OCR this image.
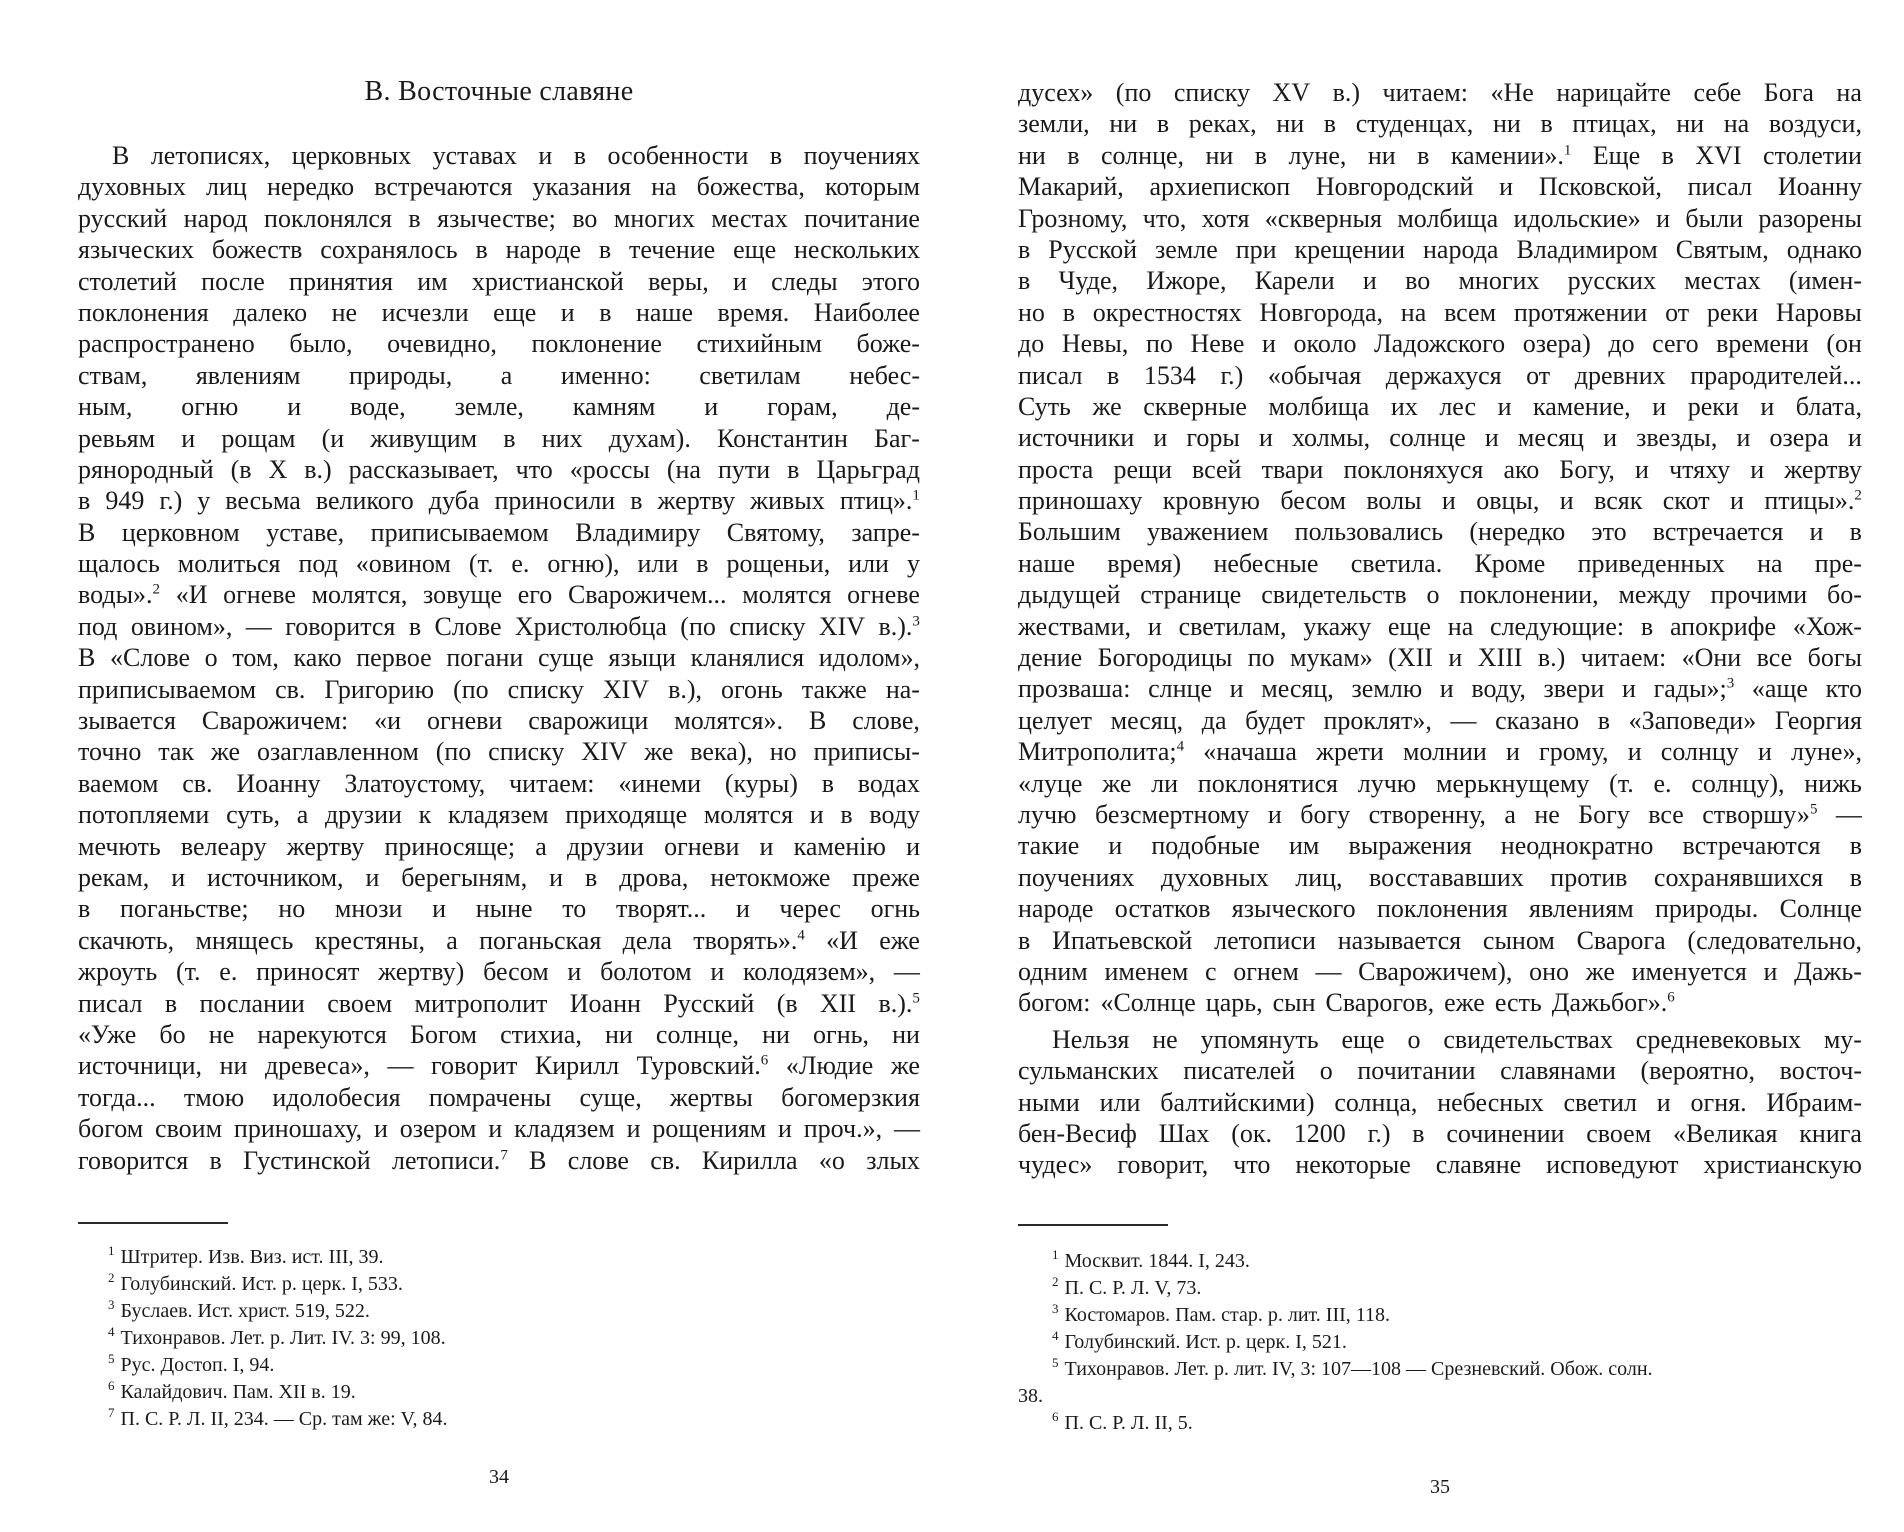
В. Восточные славяне
В летописях, церковных уставах и в особенности в поучениях
духовных лиц нередко встречаются указания на божества, которым
русский народ поклонялся в язычестве; во многих местах почитание
языческих божеств сохранялось в народе в течение еще нескольких
столетий после принятия им христианской веры, и следы этого
поклонения далеко не исчезли еще и в наше время. Наиболее
распространено было, очевидно, поклонение стихийным боже-
ствам, явлениям природы, а именно: светилам небес-
ным, огню и воде, земле, камням и горам, де-
ревьям и рощам (и живущим в них духам). Константин Баг-
рянородный (в X в.) рассказывает, что «россы (на пути в Царьград
в 949 г.) у весьма великого дуба приносили в жертву живых птиц».$^1$
В церковном уставе, приписываемом Владимиру Святому, запре-
щалось молиться под «овином (т. е. огню), или в рощеньи, или у
воды».$^2$ «И огневе молятся, зовуще его Сварожичем... молятся огневе
под овином», — говорится в Слове Христолюбца (по списку XIV в.).$^3$
В «Слове о том, како первое погани суще языци кланялися идолом»,
приписываемом св. Григорию (по списку XIV в.), огонь также на-
зывается Сварожичем: «и огневи сварожици молятся». В слове,
точно так же озаглавленном (по списку XIV же века), но приписы-
ваемом св. Иоанну Златоустому, читаем: «инеми (куры) в водах
потопляеми суть, а друзии к кладязем приходяще молятся и в воду
мечють велеару жертву приносяще; а друзии огневи и каменiю и
рекам, и источником, и берегыням, и в дрова, нетокможе преже
в поганьстве; но мнози и ныне то творят... и черес огнь
скачють, мнящесь крестяны, а поганьская дела творять».$^4$ «И еже
жроуть (т. е. приносят жертву) бесом и болотом и колодязем», —
писал в послании своем митрополит Иоанн Русский (в XII в.).$^5$
«Уже бо не нарекуются Богом стихиа, ни солнце, ни огнь, ни
источници, ни древеса», — говорит Кирилл Туровский.$^6$ «Людие же
тогда... тмою идолобесия помрачены суще, жертвы богомерзкия
богом своим приношаху, и озером и кладязем и рощениям и проч.», —
говорится в Густинской летописи.$^7$ В слове св. Кирилла «о злых
$^1$ Штритер. Изв. Виз. ист. III, 39.
$^2$ Голубинский. Ист. р. церк. I, 533.
$^3$ Буслаев. Ист. христ. 519, 522.
$^4$ Тихонравов. Лет. р. Лит. IV. 3: 99, 108.
$^5$ Рус. Достоп. I, 94.
$^6$ Калайдович. Пам. XII в. 19.
$^7$ П. С. Р. Л. II, 234. — Ср. там же: V, 84.
34
дусех» (по списку XV в.) читаем: «Не нарицайте себе Бога на
земли, ни в реках, ни в студенцах, ни в птицах, ни на воздуси,
ни в солнце, ни в луне, ни в камении».$^1$ Еще в XVI столетии
Макарий, архиепископ Новгородский и Псковской, писал Иоанну
Грозному, что, хотя «скверныя молбища идольские» и были разорены
в Русской земле при крещении народа Владимиром Святым, однако
в Чуде, Ижоре, Карели и во многих русских местах (имен-
но в окрестностях Новгорода, на всем протяжении от реки Наровы
до Невы, по Неве и около Ладожского озера) до сего времени (он
писал в 1534 г.) «обычая держахуся от древних прародителей...
Суть же скверные молбища их лес и камение, и реки и блата,
источники и горы и холмы, солнце и месяц и звезды, и озера и
проста рещи всей твари поклоняхуся ако Богу, и чтяху и жертву
приношаху кровную бесом волы и овцы, и всяк скот и птицы».$^2$
Большим уважением пользовались (нередко это встречается и в
наше время) небесные светила. Кроме приведенных на пре-
дыдущей странице свидетельств о поклонении, между прочими бо-
жествами, и светилам, укажу еще на следующие: в апокрифе «Хож-
дение Богородицы по мукам» (XII и XIII в.) читаем: «Они все богы
прозваша: слнце и месяц, землю и воду, звери и гады»;$^3$ «аще кто
целует месяц, да будет проклят», — сказано в «Заповеди» Георгия
Митрополита;$^4$ «начаша жрети молнии и грому, и солнцу и луне»,
«луце же ли поклонятися лучю мерькнущему (т. е. солнцу), нижь
лучю безсмертному и богу створенну, а не Богу все створшу»$^5$ —
такие и подобные им выражения неоднократно встречаются в
поучениях духовных лиц, восстававших против сохранявшихся в
народе остатков языческого поклонения явлениям природы. Солнце
в Ипатьевской летописи называется сыном Сварога (следовательно,
одним именем с огнем — Сварожичем), оно же именуется и Дажь-
богом: «Солнце царь, сын Сварогов, еже есть Дажьбог».$^6$
Нельзя не упомянуть еще о свидетельствах средневековых му-
сульманских писателей о почитании славянами (вероятно, восточ-
ными или балтийскими) солнца, небесных светил и огня. Ибраим-
бен-Весиф Шах (ок. 1200 г.) в сочинении своем «Великая книга
чудес» говорит, что некоторые славяне исповедуют христианскую
$^1$ Москвит. 1844. I, 243.
$^2$ П. С. Р. Л. V, 73.
$^3$ Костомаров. Пам. стар. р. лит. III, 118.
$^4$ Голубинский. Ист. р. церк. I, 521.
$^5$ Тихонравов. Лет. р. лит. IV, 3: 107—108 — Срезневский. Обож. солн.
38.
$^6$ П. С. Р. Л. II, 5.
35
